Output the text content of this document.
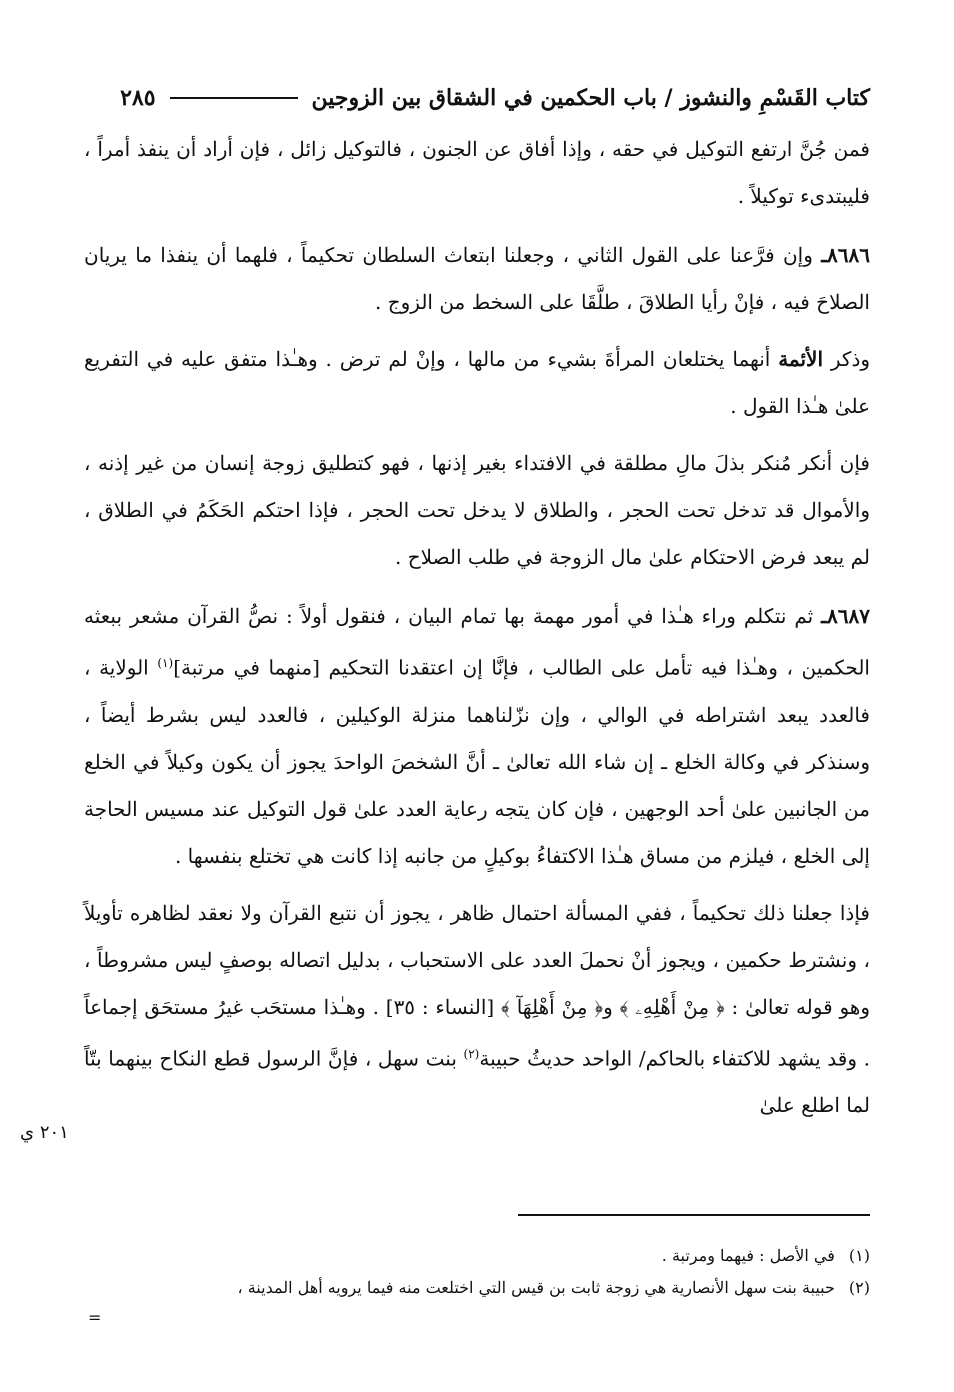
كتاب القَسْمِ والنشوز / باب الحكمين في الشقاق بين الزوجين
٢٨٥

فمن جُنَّ ارتفع التوكيل في حقه ، وإذا أفاق عن الجنون ، فالتوكيل زائل ، فإن أراد أن ينفذ أمراً ، فليبتدىء توكيلاً .

٨٦٨٦ـ وإن فرَّعنا على القول الثاني ، وجعلنا ابتعاث السلطان تحكيماً ، فلهما أن ينفذا ما يريان الصلاحَ فيه ، فإنْ رأيا الطلاقَ ، طلَّقَا على السخط من الزوج .

وذكر الأئمة أنهما يختلعان المرأةَ بشيء من مالها ، وإنْ لم ترض . وهـٰذا متفق عليه في التفريع علىٰ هـٰذا القول .

فإن أنكر مُنكر بذلَ مالِ مطلقة في الافتداء بغير إذنها ، فهو كتطليق زوجة إنسان من غير إذنه ، والأموال قد تدخل تحت الحجر ، والطلاق لا يدخل تحت الحجر ، فإذا احتكم الحَكَمُ في الطلاق ، لم يبعد فرض الاحتكام علىٰ مال الزوجة في طلب الصلاح .

٨٦٨٧ـ ثم نتكلم وراء هـٰذا في أمور مهمة بها تمام البيان ، فنقول أولاً : نصُّ القرآن مشعر ببعثه الحكمين ، وهـٰذا فيه تأمل على الطالب ، فإنَّا إن اعتقدنا التحكيم [منهما في مرتبة]$^{(١)}$ الولاية ، فالعدد يبعد اشتراطه في الوالي ، وإن نزّلناهما منزلة الوكيلين ، فالعدد ليس بشرط أيضاً ، وسنذكر في وكالة الخلع ـ إن شاء الله تعالىٰ ـ أنَّ الشخصَ الواحدَ يجوز أن يكون وكيلاً في الخلع من الجانبين علىٰ أحد الوجهين ، فإن كان يتجه رعاية العدد علىٰ قول التوكيل عند مسيس الحاجة إلى الخلع ، فيلزم من مساق هـٰذا الاكتفاءُ بوكيلٍ من جانبه إذا كانت هي تختلع بنفسها .

فإذا جعلنا ذلك تحكيماً ، ففي المسألة احتمال ظاهر ، يجوز أن نتبع القرآن ولا نعقد لظاهره تأويلاً ، ونشترط حكمين ، ويجوز أنْ نحملَ العدد على الاستحباب ، بدليل اتصاله بوصفٍ ليس مشروطاً ، وهو قوله تعالىٰ : ﴿ مِنْ أَهْلِهِۦ ﴾ و﴿ مِنْ أَهْلِهَآ ﴾ [النساء : ٣٥] . وهـٰذا مستحَب غيرُ مستحَق إجماعاً . وقد يشهد للاكتفاء بالحاكم/ الواحد حديثُ حبيبة$^{(٢)}$ بنت سهل ، فإنَّ الرسول قطع النكاح بينهما بتّاً لما اطلع علىٰ

٢٠١ ي
(١)
في الأصل : فيهما ومرتبة .
(٢)
حبيبة بنت سهل الأنصارية هي زوجة ثابت بن قيس التي اختلعت منه فيما يرويه أهل المدينة ،
=
